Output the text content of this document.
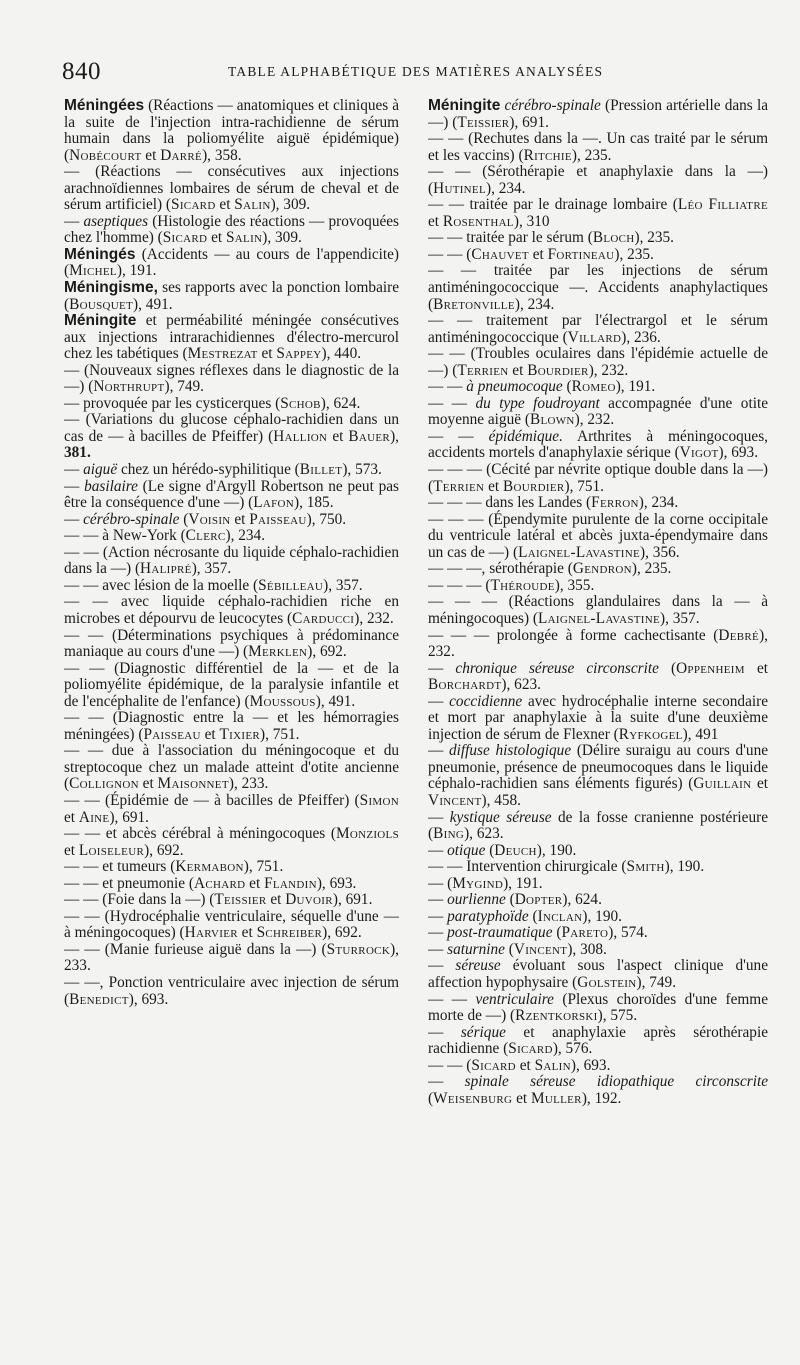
840	TABLE ALPHABÉTIQUE DES MATIÈRES ANALYSÉES

Méningées (Réactions — anatomiques et cliniques à la suite de l'injection intra-rachidienne de sérum humain dans la poliomyélite aiguë épidémique) (Nobécourt et Darré), 358.

— (Réactions — consécutives aux injections arachnoïdiennes lombaires de sérum de cheval et de sérum artificiel) (Sicard et Salin), 309.

— aseptiques (Histologie des réactions — provoquées chez l'homme) (Sicard et Salin), 309.

Méningés (Accidents — au cours de l'appendicite) (Michel), 191.

Méningisme, ses rapports avec la ponction lombaire (Bousquet), 491.

Méningite et perméabilité méningée consécutives aux injections intrarachidiennes d'électro-mercurol chez les tabétiques (Mestrezat et Sappey), 440.

— (Nouveaux signes réflexes dans le diagnostic de la —) (Northrupt), 749.

— provoquée par les cysticerques (Schob), 624.

— (Variations du glucose céphalo-rachidien dans un cas de — à bacilles de Pfeiffer) (Hallion et Bauer), 381.

— aiguë chez un hérédo-syphilitique (Billet), 573.

— basilaire (Le signe d'Argyll Robertson ne peut pas être la conséquence d'une —) (Lafon), 185.

— cérébro-spinale (Voisin et Paisseau), 750.

— — à New-York (Clerc), 234.

— — (Action nécrosante du liquide céphalo-rachidien dans la —) (Halipré), 357.

— — avec lésion de la moelle (Sébilleau), 357.

— — avec liquide céphalo-rachidien riche en microbes et dépourvu de leucocytes (Carducci), 232.

— — (Déterminations psychiques à prédominance maniaque au cours d'une —) (Merklen), 692.

— — (Diagnostic différentiel de la — et de la poliomyélite épidémique, de la paralysie infantile et de l'encéphalite de l'enfance) (Moussous), 491.

— — (Diagnostic entre la — et les hémorragies méningées) (Paisseau et Tixier), 751.

— — due à l'association du méningocoque et du streptocoque chez un malade atteint d'otite ancienne (Collignon et Maisonnet), 233.

— — (Épidémie de — à bacilles de Pfeiffer) (Simon et Aine), 691.

— — et abcès cérébral à méningocoques (Monziols et Loiseleur), 692.

— — et tumeurs (Kermabon), 751.

— — et pneumonie (Achard et Flandin), 693.

— — (Foie dans la —) (Teissier et Duvoir), 691.

— — (Hydrocéphalie ventriculaire, séquelle d'une — à méningocoques) (Harvier et Schreiber), 692.

— — (Manie furieuse aiguë dans la —) (Sturrock), 233.

— —, Ponction ventriculaire avec injection de sérum (Benedict), 693.

Méningite cérébro-spinale (Pression artérielle dans la —) (Teissier), 691.

— — (Rechutes dans la —. Un cas traité par le sérum et les vaccins) (Ritchie), 235.

— — (Sérothérapie et anaphylaxie dans la —) (Hutinel), 234.

— — traitée par le drainage lombaire (Léo Filliatre et Rosenthal), 310

— — traitée par le sérum (Bloch), 235.

— — (Chauvet et Fortineau), 235.

— — traitée par les injections de sérum antiméningococcique —. Accidents anaphylactiques (Bretonville), 234.

— — traitement par l'électrargol et le sérum antiméningococcique (Villard), 236.

— — (Troubles oculaires dans l'épidémie actuelle de —) (Terrien et Bourdier), 232.

— — à pneumocoque (Romeo), 191.

— — du type foudroyant accompagnée d'une otite moyenne aiguë (Blown), 232.

— — épidémique. Arthrites à méningocoques, accidents mortels d'anaphylaxie sérique (Vigot), 693.

— — — (Cécité par névrite optique double dans la —) (Terrien et Bourdier), 751.

— — — dans les Landes (Ferron), 234.

— — — (Épendymite purulente de la corne occipitale du ventricule latéral et abcès juxta-épendymaire dans un cas de —) (Laignel-Lavastine), 356.

— — —, sérothérapie (Gendron), 235.

— — — (Théroude), 355.

— — — (Réactions glandulaires dans la — à méningocoques) (Laignel-Lavastine), 357.

— — — prolongée à forme cachectisante (Debré), 232.

— chronique séreuse circonscrite (Oppenheim et Borchardt), 623.

— coccidienne avec hydrocéphalie interne secondaire et mort par anaphylaxie à la suite d'une deuxième injection de sérum de Flexner (Ryfkogel), 491

— diffuse histologique (Délire suraigu au cours d'une pneumonie, présence de pneumocoques dans le liquide céphalo-rachidien sans éléments figurés) (Guillain et Vincent), 458.

— kystique séreuse de la fosse cranienne postérieure (Bing), 623.

— otique (Deuch), 190.

— — Intervention chirurgicale (Smith), 190.

— (Mygind), 191.

— ourlienne (Dopter), 624.

— paratyphoïde (Inclan), 190.

— post-traumatique (Pareto), 574.

— saturnine (Vincent), 308.

— séreuse évoluant sous l'aspect clinique d'une affection hypophysaire (Golstein), 749.

— — ventriculaire (Plexus choroïdes d'une femme morte de —) (Rzentkorski), 575.

— sérique et anaphylaxie après sérothérapie rachidienne (Sicard), 576.

— — (Sicard et Salin), 693.

— spinale séreuse idiopathique circonscrite (Weisenburg et Muller), 192.
